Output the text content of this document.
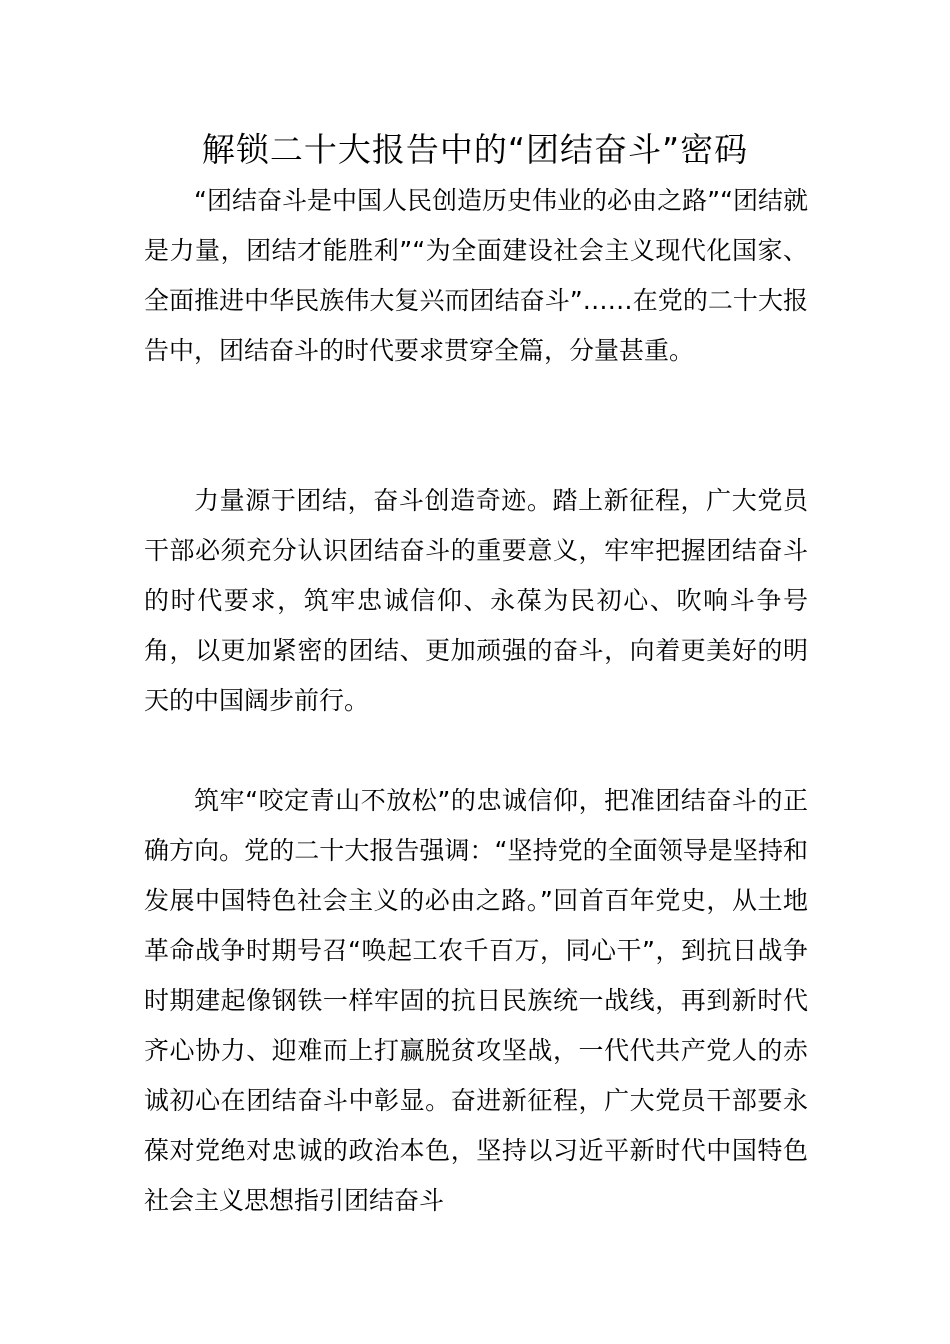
解锁二十大报告中的“团结奋斗”密码

“团结奋斗是中国人民创造历史伟业的必由之路”“团结就是力量，团结才能胜利”“为全面建设社会主义现代化国家、全面推进中华民族伟大复兴而团结奋斗”……在党的二十大报告中，团结奋斗的时代要求贯穿全篇，分量甚重。

力量源于团结，奋斗创造奇迹。踏上新征程，广大党员干部必须充分认识团结奋斗的重要意义，牢牢把握团结奋斗的时代要求，筑牢忠诚信仰、永葆为民初心、吹响斗争号角，以更加紧密的团结、更加顽强的奋斗，向着更美好的明天的中国阔步前行。

筑牢“咬定青山不放松”的忠诚信仰，把准团结奋斗的正确方向。党的二十大报告强调：“坚持党的全面领导是坚持和发展中国特色社会主义的必由之路。”回首百年党史，从土地革命战争时期号召“唤起工农千百万，同心干”，到抗日战争时期建起像钢铁一样牢固的抗日民族统一战线，再到新时代齐心协力、迎难而上打赢脱贫攻坚战，一代代共产党人的赤诚初心在团结奋斗中彰显。奋进新征程，广大党员干部要永葆对党绝对忠诚的政治本色，坚持以习近平新时代中国特色社会主义思想指引团结奋斗
